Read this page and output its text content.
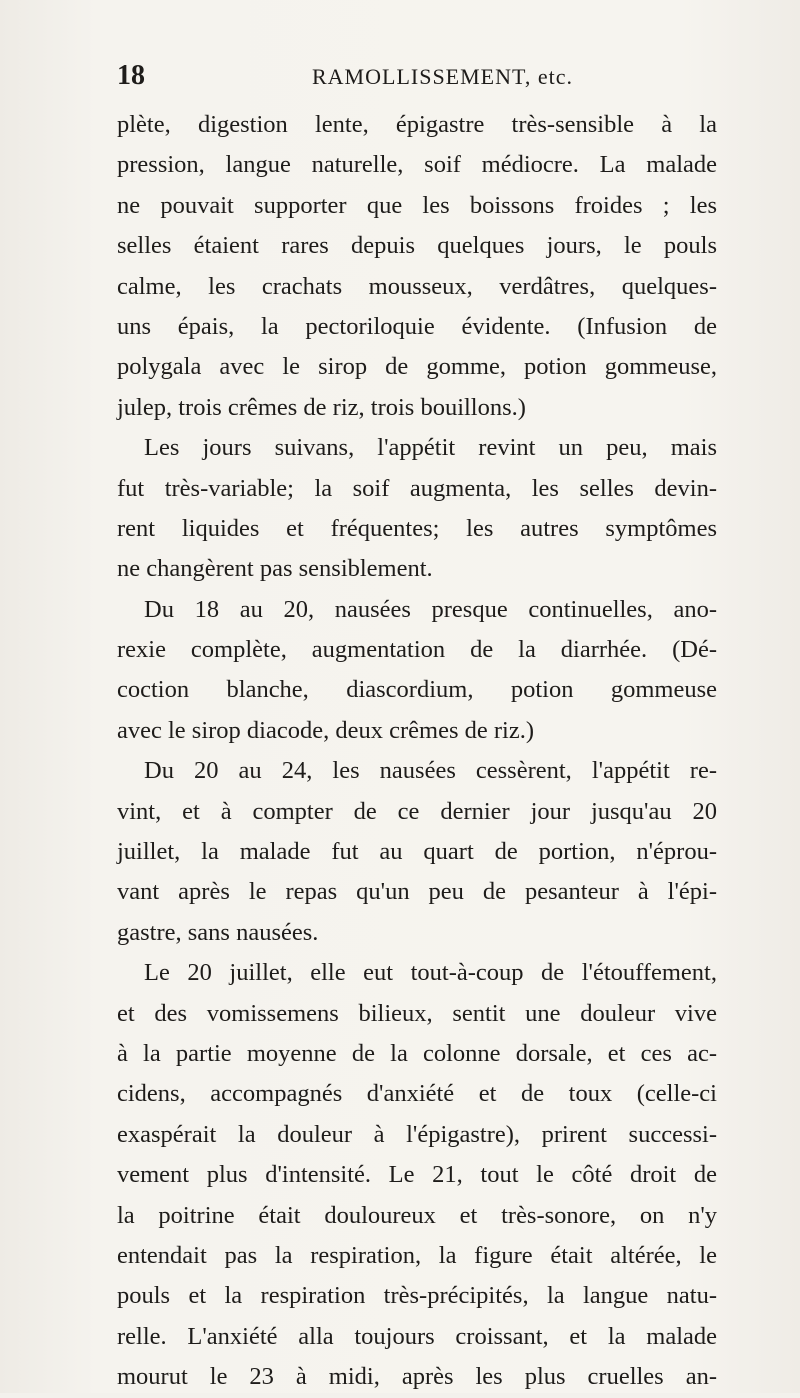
18	RAMOLLISSEMENT, etc.
plète, digestion lente, épigastre très-sensible à la
pression, langue naturelle, soif médiocre. La malade
ne pouvait supporter que les boissons froides ; les
selles étaient rares depuis quelques jours, le pouls
calme, les crachats mousseux, verdâtres, quelques-
uns épais, la pectoriloquie évidente. (Infusion de
polygala avec le sirop de gomme, potion gommeuse,
julep, trois crêmes de riz, trois bouillons.)
Les jours suivans, l'appétit revint un peu, mais
fut très-variable; la soif augmenta, les selles devin-
rent liquides et fréquentes; les autres symptômes
ne changèrent pas sensiblement.
Du 18 au 20, nausées presque continuelles, ano-
rexie complète, augmentation de la diarrhée. (Dé-
coction blanche, diascordium, potion gommeuse
avec le sirop diacode, deux crêmes de riz.)
Du 20 au 24, les nausées cessèrent, l'appétit re-
vint, et à compter de ce dernier jour jusqu'au 20
juillet, la malade fut au quart de portion, n'éprou-
vant après le repas qu'un peu de pesanteur à l'épi-
gastre, sans nausées.
Le 20 juillet, elle eut tout-à-coup de l'étouffement,
et des vomissemens bilieux, sentit une douleur vive
à la partie moyenne de la colonne dorsale, et ces ac-
cidens, accompagnés d'anxiété et de toux (celle-ci
exaspérait la douleur à l'épigastre), prirent successi-
vement plus d'intensité. Le 21, tout le côté droit de
la poitrine était douloureux et très-sonore, on n'y
entendait pas la respiration, la figure était altérée, le
pouls et la respiration très-précipités, la langue natu-
relle. L'anxiété alla toujours croissant, et la malade
mourut le 23 à midi, après les plus cruelles an-
